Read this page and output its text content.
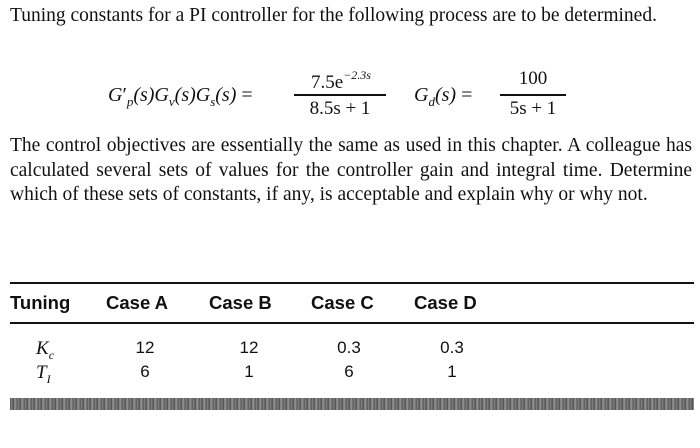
Tuning constants for a PI controller for the following process are to be determined.

$G'_p(s)G_v(s)G_s(s)$ =
$7.5e^{-2.3s}$
8.5s + 1
$G_d(s)$ =
100
5s + 1

The control objectives are essentially the same as used in this chapter. A colleague has calculated several sets of values for the controller gain and integral time. Determine which of these sets of constants, if any, is acceptable and explain why or why not.

Tuning Case A Case B Case C Case D
$K_c$	12	12	0.3	0.3
$T_I$	6	1	6	1
